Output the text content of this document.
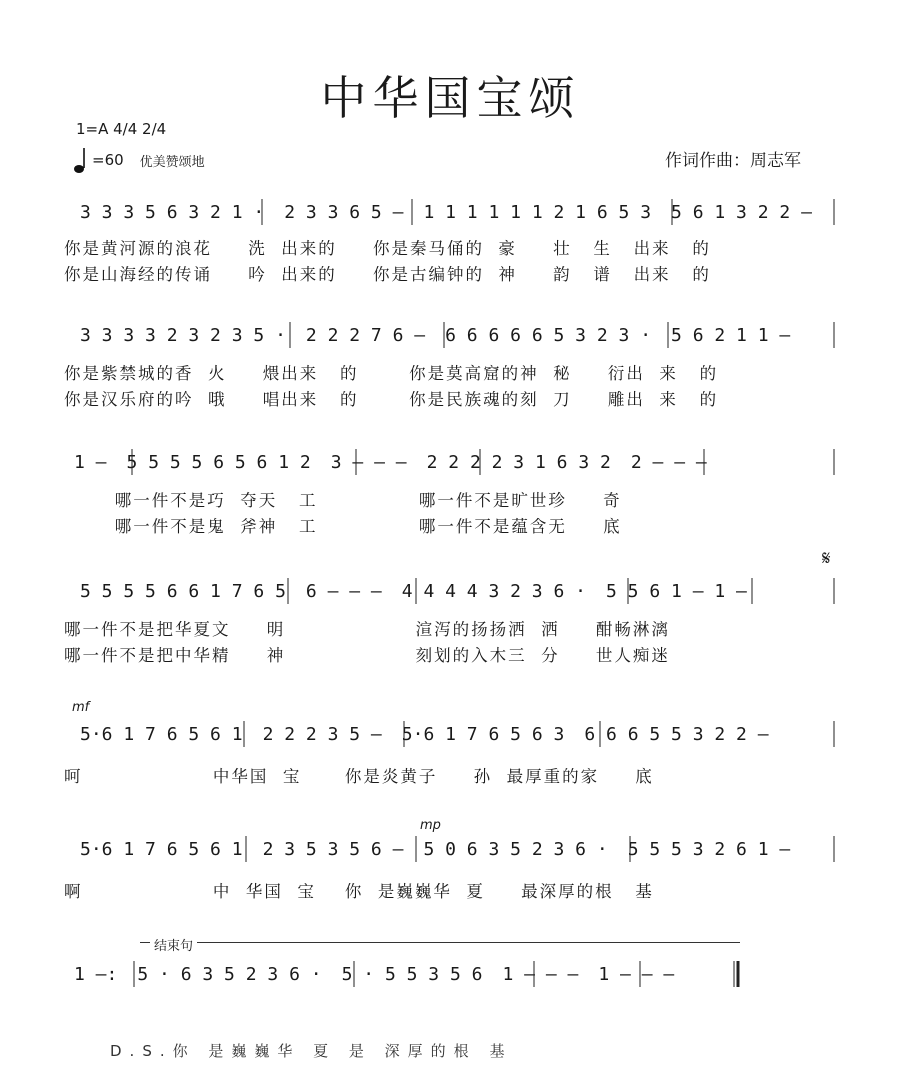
中华国宝颂
1=A 4/4 2/4
=60 优美赞颂地	作词作曲：周志军
3 3 3 5 6 3 2 1 · 2 3 3 6 5 – 1 1 1 1 1 1 2 1 6 5 3 5 6 1 3 2 2 –
你是黄河源的浪花     洗  出来的     你是秦马俑的  豪     壮   生   出来   的
你是山海经的传诵     吟  出来的     你是古编钟的  神     韵   谱   出来   的
3 3 3 3 2 3 2 3 5 · 2 2 2 7 6 – 6 6 6 6 6 5 3 2 3 · 5 6 2 1 1 –
你是紫禁城的香  火     煨出来   的       你是莫高窟的神  秘     衍出  来   的
你是汉乐府的吟  哦     唱出来   的       你是民族魂的刻  刀     雕出  来   的
1 – 5 5 5 5 6 5 6 1 2 3 – – – 2 2 2 2 3 1 6 3 2 2 – – –
哪一件不是巧  夺天   工              哪一件不是旷世珍     奇
哪一件不是鬼  斧神   工              哪一件不是蕴含无     底
𝄋
5 5 5 5 6 6 1 7 6 5 6 – – – 4 4 4 4 3 2 3 6 · 5 5 6 1 – 1 –
哪一件不是把华夏文     明                  渲泻的扬扬洒  洒     酣畅淋漓
哪一件不是把中华精     神                  刻划的入木三  分     世人痴迷
mf
5·6 1 7 6 5 6 1 2 2 2 3 5 – 5·6 1 7 6 5 6 3 6 6 6 5 5 3 2 2 –
呵                  中华国  宝      你是炎黄子     孙  最厚重的家     底
mp
5·6 1 7 6 5 6 1 2 3 5 3 5 6 – 5 0 6 3 5 2 3 6 · 5 5 5 3 2 6 1 –
啊                  中  华国  宝    你  是巍巍华  夏     最深厚的根   基
结束句
1 –: 5 · 6 3 5 2 3 6 · 5 · 5 5 3 5 6 1 – – – 1 – – –
D.S.你 是巍巍华 夏 是 深厚的根 基
